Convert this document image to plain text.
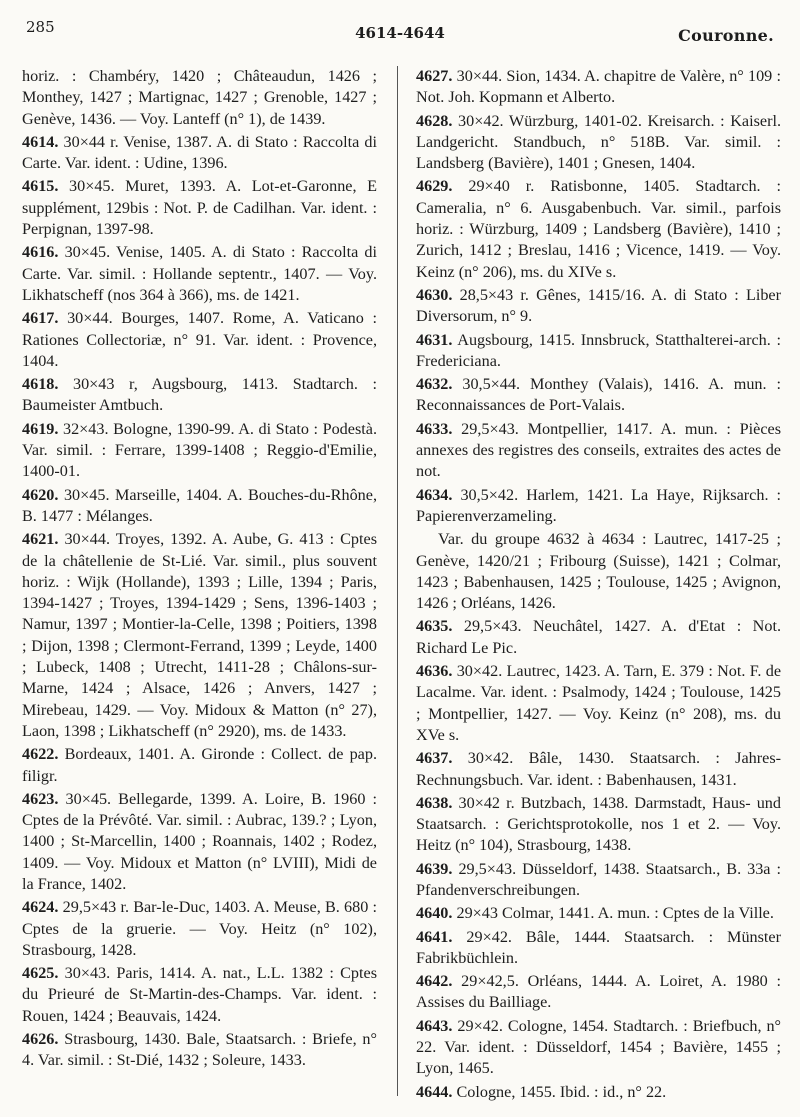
285	4614-4644	Couronne.

horiz. : Chambéry, 1420 ; Châteaudun, 1426 ; Monthey, 1427 ; Martignac, 1427 ; Grenoble, 1427 ; Genève, 1436. — Voy. Lanteff (n° 1), de 1439.

4614. 30×44 r. Venise, 1387. A. di Stato : Raccolta di Carte. Var. ident. : Udine, 1396.

4615. 30×45. Muret, 1393. A. Lot-et-Garonne, E supplément, 129bis : Not. P. de Cadilhan. Var. ident. : Perpignan, 1397-98.

4616. 30×45. Venise, 1405. A. di Stato : Raccolta di Carte. Var. simil. : Hollande septentr., 1407. — Voy. Likhatscheff (nos 364 à 366), ms. de 1421.

4617. 30×44. Bourges, 1407. Rome, A. Vaticano : Rationes Collectoriæ, n° 91. Var. ident. : Provence, 1404.

4618. 30×43 r, Augsbourg, 1413. Stadtarch. : Baumeister Amtbuch.

4619. 32×43. Bologne, 1390-99. A. di Stato : Podestà. Var. simil. : Ferrare, 1399-1408 ; Reggio-d'Emilie, 1400-01.

4620. 30×45. Marseille, 1404. A. Bouches-du-Rhône, B. 1477 : Mélanges.

4621. 30×44. Troyes, 1392. A. Aube, G. 413 : Cptes de la châtellenie de St-Lié. Var. simil., plus souvent horiz. : Wijk (Hollande), 1393 ; Lille, 1394 ; Paris, 1394-1427 ; Troyes, 1394-1429 ; Sens, 1396-1403 ; Namur, 1397 ; Montier-la-Celle, 1398 ; Poitiers, 1398 ; Dijon, 1398 ; Clermont-Ferrand, 1399 ; Leyde, 1400 ; Lubeck, 1408 ; Utrecht, 1411-28 ; Châlons-sur-Marne, 1424 ; Alsace, 1426 ; Anvers, 1427 ; Mirebeau, 1429. — Voy. Midoux & Matton (n° 27), Laon, 1398 ; Likhatscheff (n° 2920), ms. de 1433.

4622. Bordeaux, 1401. A. Gironde : Collect. de pap. filigr.

4623. 30×45. Bellegarde, 1399. A. Loire, B. 1960 : Cptes de la Prévôté. Var. simil. : Aubrac, 139.? ; Lyon, 1400 ; St-Marcellin, 1400 ; Roannais, 1402 ; Rodez, 1409. — Voy. Midoux et Matton (n° LVIII), Midi de la France, 1402.

4624. 29,5×43 r. Bar-le-Duc, 1403. A. Meuse, B. 680 : Cptes de la gruerie. — Voy. Heitz (n° 102), Strasbourg, 1428.

4625. 30×43. Paris, 1414. A. nat., L.L. 1382 : Cptes du Prieuré de St-Martin-des-Champs. Var. ident. : Rouen, 1424 ; Beauvais, 1424.

4626. Strasbourg, 1430. Bale, Staatsarch. : Briefe, n° 4. Var. simil. : St-Dié, 1432 ; Soleure, 1433.

4627. 30×44. Sion, 1434. A. chapitre de Valère, n° 109 : Not. Joh. Kopmann et Alberto.

4628. 30×42. Würzburg, 1401-02. Kreisarch. : Kaiserl. Landgericht. Standbuch, n° 518B. Var. simil. : Landsberg (Bavière), 1401 ; Gnesen, 1404.

4629. 29×40 r. Ratisbonne, 1405. Stadtarch. : Cameralia, n° 6. Ausgabenbuch. Var. simil., parfois horiz. : Würzburg, 1409 ; Landsberg (Bavière), 1410 ; Zurich, 1412 ; Breslau, 1416 ; Vicence, 1419. — Voy. Keinz (n° 206), ms. du XIVe s.

4630. 28,5×43 r. Gênes, 1415/16. A. di Stato : Liber Diversorum, n° 9.

4631. Augsbourg, 1415. Innsbruck, Statthalterei-arch. : Fredericiana.

4632. 30,5×44. Monthey (Valais), 1416. A. mun. : Reconnaissances de Port-Valais.

4633. 29,5×43. Montpellier, 1417. A. mun. : Pièces annexes des registres des conseils, extraites des actes de not.

4634. 30,5×42. Harlem, 1421. La Haye, Rijksarch. : Papierenverzameling.

Var. du groupe 4632 à 4634 : Lautrec, 1417-25 ; Genève, 1420/21 ; Fribourg (Suisse), 1421 ; Colmar, 1423 ; Babenhausen, 1425 ; Toulouse, 1425 ; Avignon, 1426 ; Orléans, 1426.

4635. 29,5×43. Neuchâtel, 1427. A. d'Etat : Not. Richard Le Pic.

4636. 30×42. Lautrec, 1423. A. Tarn, E. 379 : Not. F. de Lacalme. Var. ident. : Psalmody, 1424 ; Toulouse, 1425 ; Montpellier, 1427. — Voy. Keinz (n° 208), ms. du XVe s.

4637. 30×42. Bâle, 1430. Staatsarch. : Jahres-Rechnungsbuch. Var. ident. : Babenhausen, 1431.

4638. 30×42 r. Butzbach, 1438. Darmstadt, Haus- und Staatsarch. : Gerichtsprotokolle, nos 1 et 2. — Voy. Heitz (n° 104), Strasbourg, 1438.

4639. 29,5×43. Düsseldorf, 1438. Staatsarch., B. 33a : Pfandenverschreibungen.

4640. 29×43 Colmar, 1441. A. mun. : Cptes de la Ville.

4641. 29×42. Bâle, 1444. Staatsarch. : Münster Fabrikbüchlein.

4642. 29×42,5. Orléans, 1444. A. Loiret, A. 1980 : Assises du Bailliage.

4643. 29×42. Cologne, 1454. Stadtarch. : Briefbuch, n° 22. Var. ident. : Düsseldorf, 1454 ; Bavière, 1455 ; Lyon, 1465.

4644. Cologne, 1455. Ibid. : id., n° 22.
